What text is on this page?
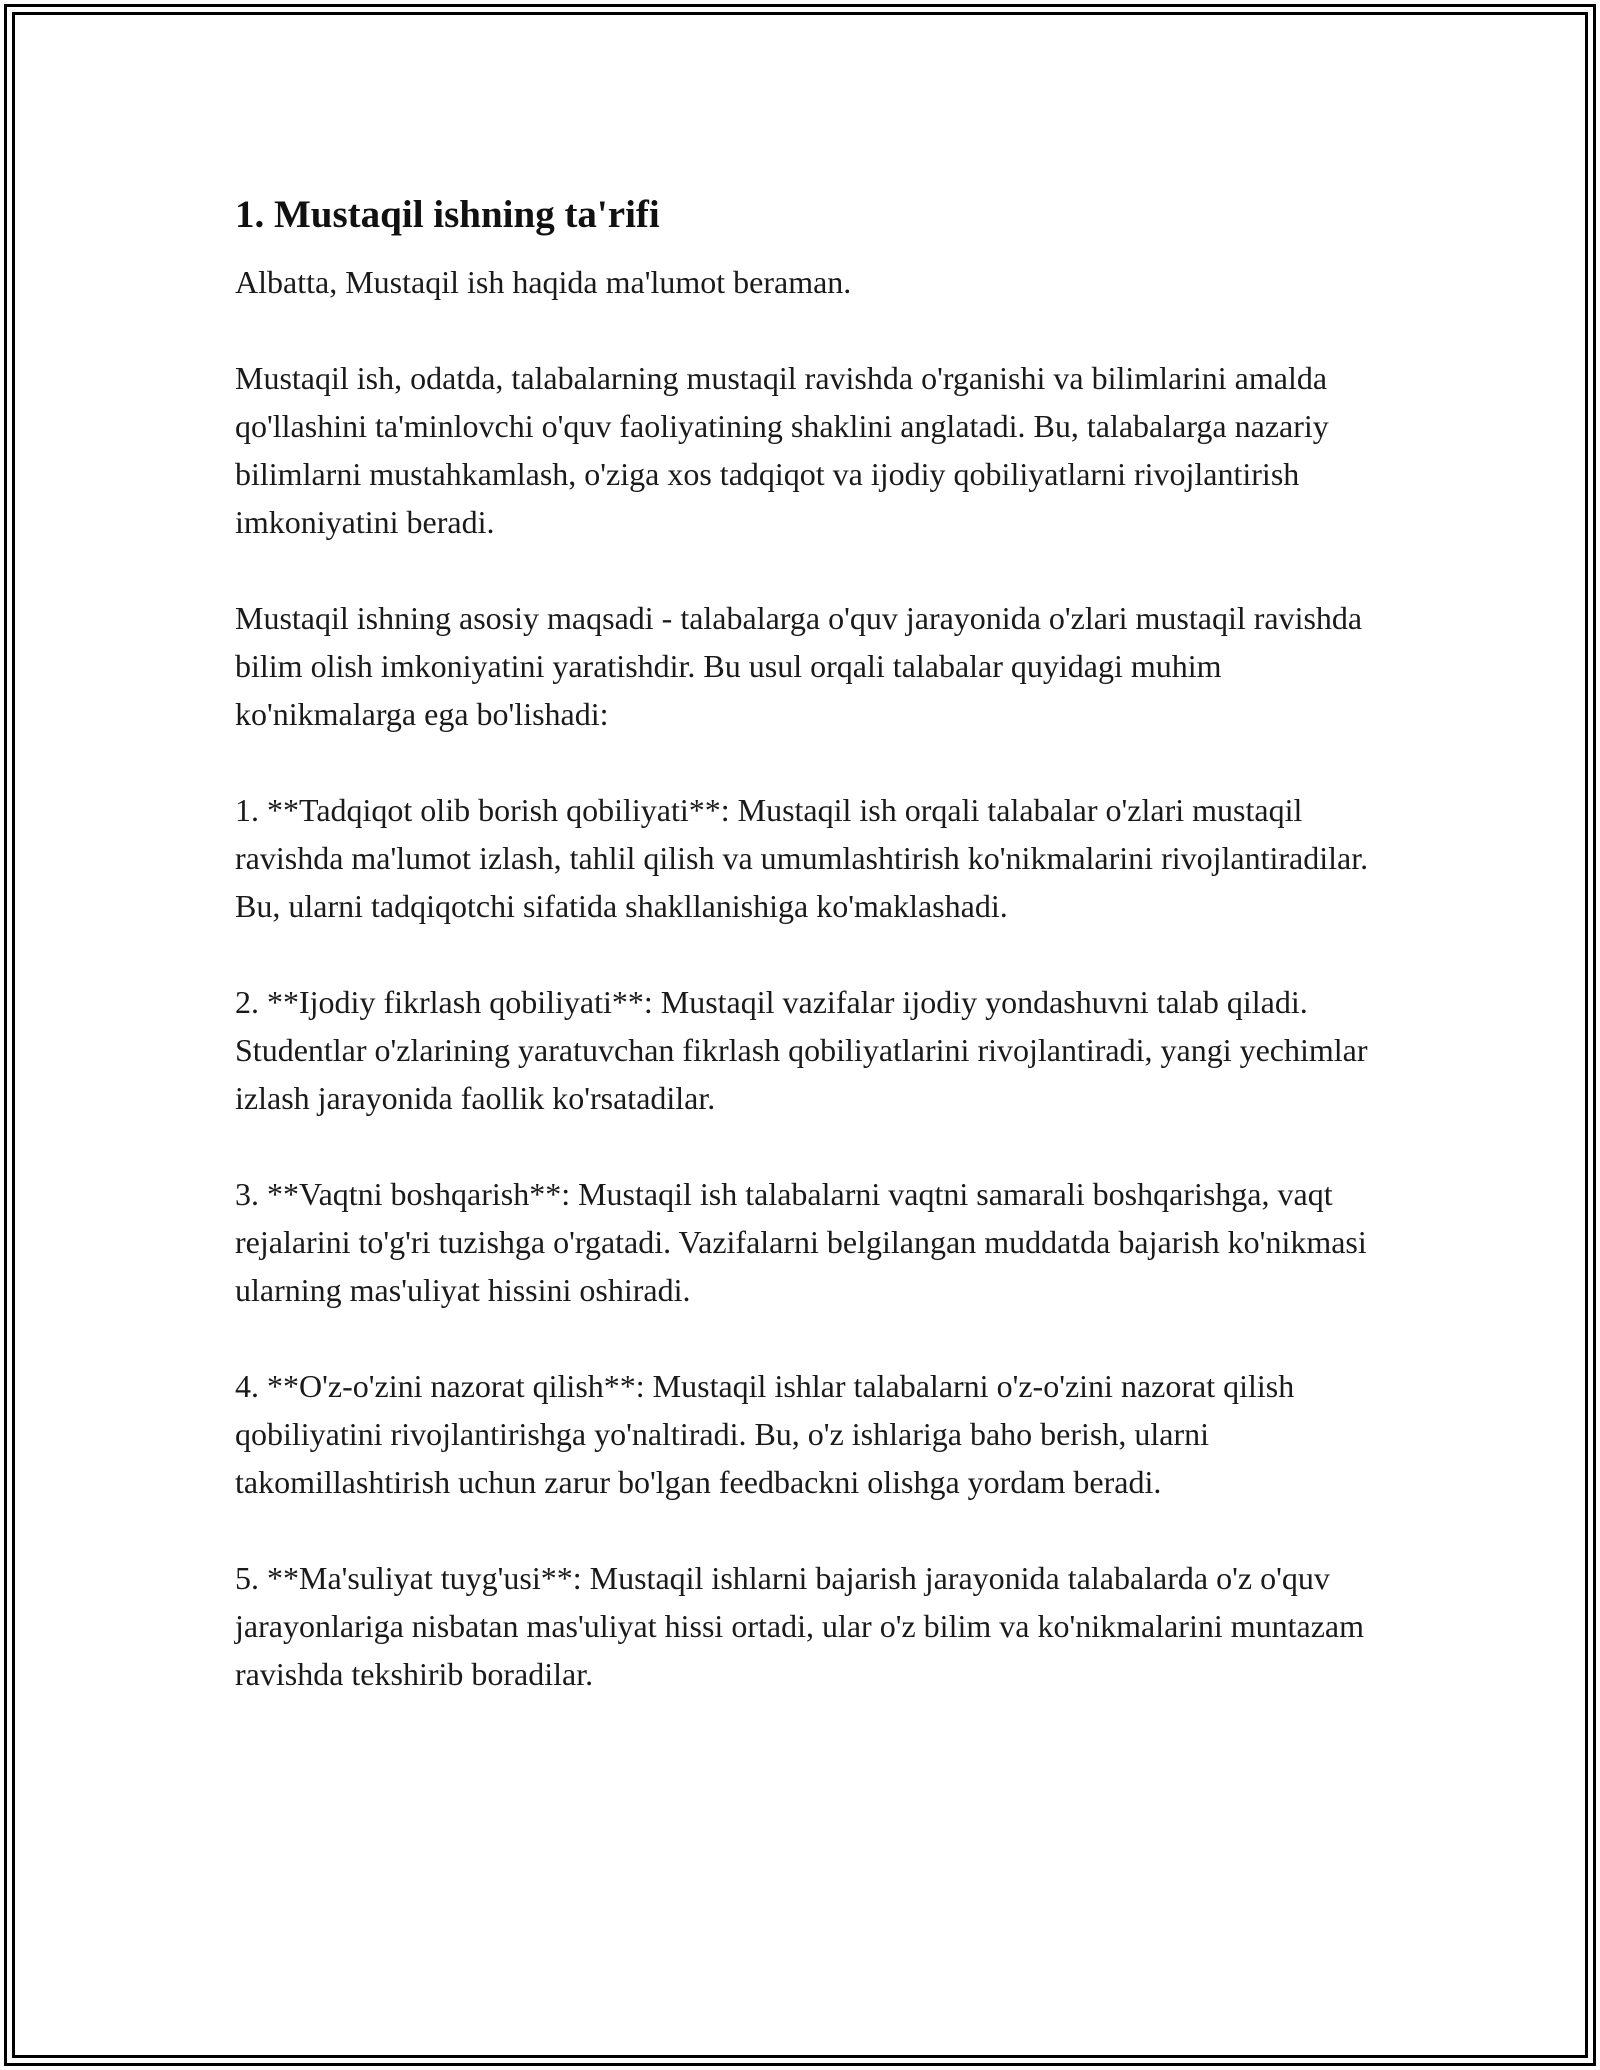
1. Mustaqil ishning ta'rifi

Albatta, Mustaqil ish haqida ma'lumot beraman.

Mustaqil ish, odatda, talabalarning mustaqil ravishda o'rganishi va bilimlarini amalda qo'llashini ta'minlovchi o'quv faoliyatining shaklini anglatadi. Bu, talabalarga nazariy bilimlarni mustahkamlash, o'ziga xos tadqiqot va ijodiy qobiliyatlarni rivojlantirish imkoniyatini beradi.

Mustaqil ishning asosiy maqsadi - talabalarga o'quv jarayonida o'zlari mustaqil ravishda bilim olish imkoniyatini yaratishdir. Bu usul orqali talabalar quyidagi muhim ko'nikmalarga ega bo'lishadi:

1. **Tadqiqot olib borish qobiliyati**: Mustaqil ish orqali talabalar o'zlari mustaqil ravishda ma'lumot izlash, tahlil qilish va umumlashtirish ko'nikmalarini rivojlantiradilar. Bu, ularni tadqiqotchi sifatida shakllanishiga ko'maklashadi.

2. **Ijodiy fikrlash qobiliyati**: Mustaqil vazifalar ijodiy yondashuvni talab qiladi. Studentlar o'zlarining yaratuvchan fikrlash qobiliyatlarini rivojlantiradi, yangi yechimlar izlash jarayonida faollik ko'rsatadilar.

3. **Vaqtni boshqarish**: Mustaqil ish talabalarni vaqtni samarali boshqarishga, vaqt rejalarini to'g'ri tuzishga o'rgatadi. Vazifalarni belgilangan muddatda bajarish ko'nikmasi ularning mas'uliyat hissini oshiradi.

4. **O'z-o'zini nazorat qilish**: Mustaqil ishlar talabalarni o'z-o'zini nazorat qilish qobiliyatini rivojlantirishga yo'naltiradi. Bu, o'z ishlariga baho berish, ularni takomillashtirish uchun zarur bo'lgan feedbackni olishga yordam beradi.

5. **Ma'suliyat tuyg'usi**: Mustaqil ishlarni bajarish jarayonida talabalarda o'z o'quv jarayonlariga nisbatan mas'uliyat hissi ortadi, ular o'z bilim va ko'nikmalarini muntazam ravishda tekshirib boradilar.
